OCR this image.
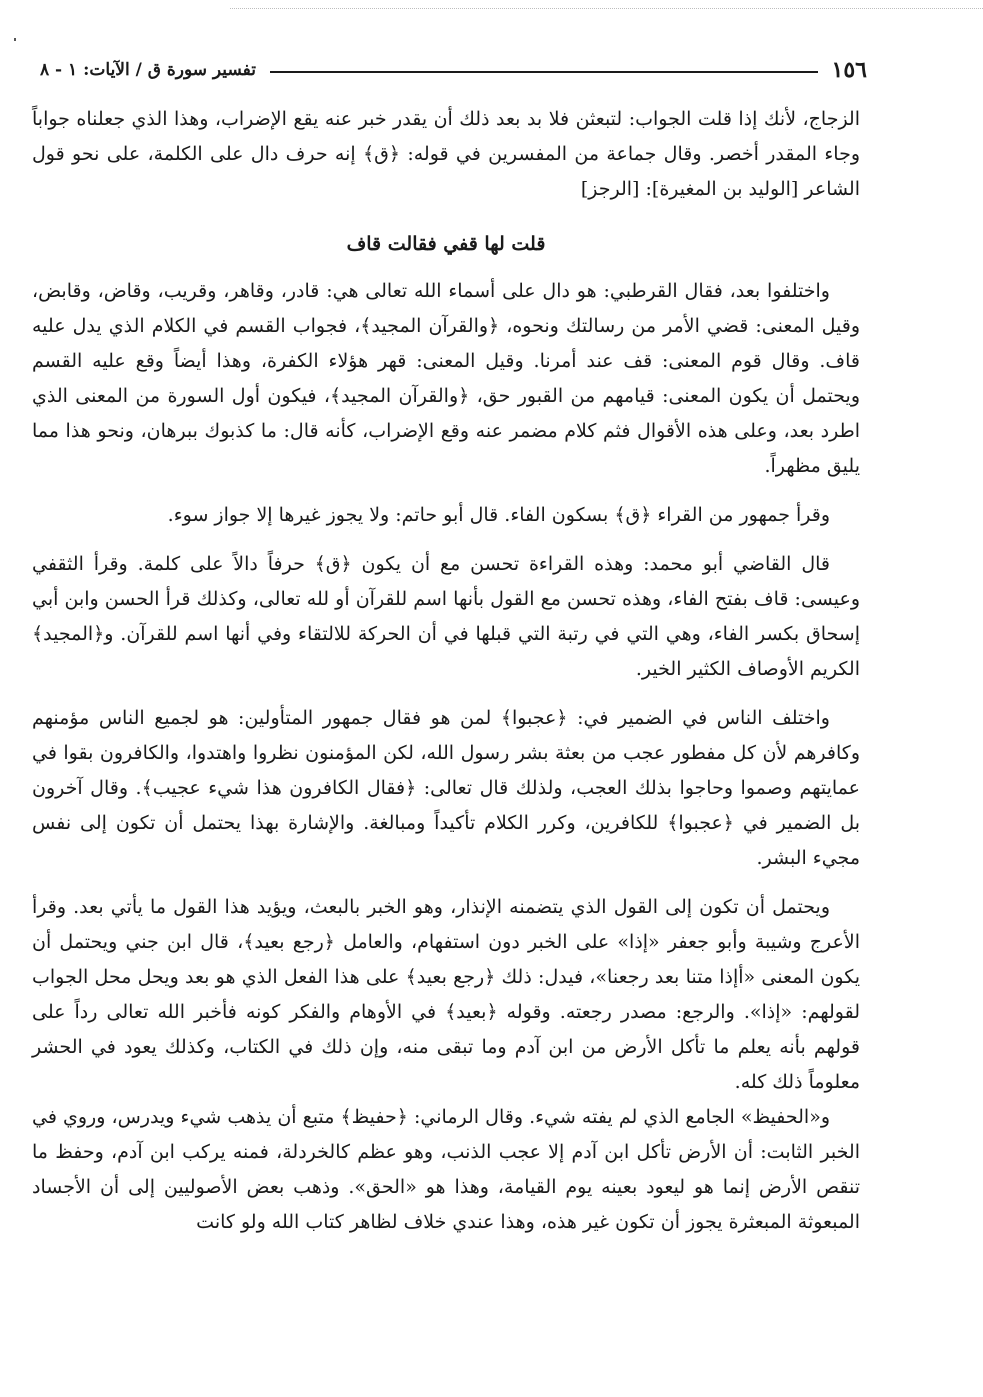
١٥٦
تفسير سورة ق / الآيات: ١ - ٨

الزجاج، لأنك إذا قلت الجواب: لتبعثن فلا بد بعد ذلك أن يقدر خبر عنه يقع الإضراب، وهذا الذي جعلناه جواباً وجاء المقدر أخصر. وقال جماعة من المفسرين في قوله: ﴿ق﴾ إنه حرف دال على الكلمة، على نحو قول الشاعر [الوليد بن المغيرة]: [الرجز]

قلت لها قفي فقالت قاف

واختلفوا بعد، فقال القرطبي: هو دال على أسماء الله تعالى هي: قادر، وقاهر، وقريب، وقاض، وقابض، وقيل المعنى: قضي الأمر من رسالتك ونحوه، ﴿والقرآن المجيد﴾، فجواب القسم في الكلام الذي يدل عليه قاف. وقال قوم المعنى: قف عند أمرنا. وقيل المعنى: قهر هؤلاء الكفرة، وهذا أيضاً وقع عليه القسم ويحتمل أن يكون المعنى: قيامهم من القبور حق، ﴿والقرآن المجيد﴾، فيكون أول السورة من المعنى الذي اطرد بعد، وعلى هذه الأقوال فثم كلام مضمر عنه وقع الإضراب، كأنه قال: ما كذبوك ببرهان، ونحو هذا مما يليق مظهراً.

وقرأ جمهور من القراء ﴿ق﴾ بسكون الفاء. قال أبو حاتم: ولا يجوز غيرها إلا جواز سوء.

قال القاضي أبو محمد: وهذه القراءة تحسن مع أن يكون ﴿ق﴾ حرفاً دالاً على كلمة. وقرأ الثقفي وعيسى: قاف بفتح الفاء، وهذه تحسن مع القول بأنها اسم للقرآن أو لله تعالى، وكذلك قرأ الحسن وابن أبي إسحاق بكسر الفاء، وهي التي في رتبة التي قبلها في أن الحركة للالتقاء وفي أنها اسم للقرآن. و﴿المجيد﴾ الكريم الأوصاف الكثير الخير.

واختلف الناس في الضمير في: ﴿عجبوا﴾ لمن هو فقال جمهور المتأولين: هو لجميع الناس مؤمنهم وكافرهم لأن كل مفطور عجب من بعثة بشر رسول الله، لكن المؤمنون نظروا واهتدوا، والكافرون بقوا في عمايتهم وصموا وحاجوا بذلك العجب، ولذلك قال تعالى: ﴿فقال الكافرون هذا شيء عجيب﴾. وقال آخرون بل الضمير في ﴿عجبوا﴾ للكافرين، وكرر الكلام تأكيداً ومبالغة. والإشارة بهذا يحتمل أن تكون إلى نفس مجيء البشر.

ويحتمل أن تكون إلى القول الذي يتضمنه الإنذار، وهو الخبر بالبعث، ويؤيد هذا القول ما يأتي بعد. وقرأ الأعرج وشيبة وأبو جعفر «إذا» على الخبر دون استفهام، والعامل ﴿رجع بعيد﴾، قال ابن جني ويحتمل أن يكون المعنى «أإذا متنا بعد رجعنا»، فيدل: ذلك ﴿رجع بعيد﴾ على هذا الفعل الذي هو بعد ويحل محل الجواب لقولهم: «إذا». والرجع: مصدر رجعته. وقوله ﴿بعيد﴾ في الأوهام والفكر كونه فأخبر الله تعالى رداً على قولهم بأنه يعلم ما تأكل الأرض من ابن آدم وما تبقى منه، وإن ذلك في الكتاب، وكذلك يعود في الحشر معلوماً ذلك كله.

و«الحفيظ» الجامع الذي لم يفته شيء. وقال الرماني: ﴿حفيظ﴾ متبع أن يذهب شيء ويدرس، وروي في الخبر الثابت: أن الأرض تأكل ابن آدم إلا عجب الذنب، وهو عظم كالخردلة، فمنه يركب ابن آدم، وحفظ ما تنقص الأرض إنما هو ليعود بعينه يوم القيامة، وهذا هو «الحق». وذهب بعض الأصوليين إلى أن الأجساد المبعوثة المبعثرة يجوز أن تكون غير هذه، وهذا عندي خلاف لظاهر كتاب الله ولو كانت
